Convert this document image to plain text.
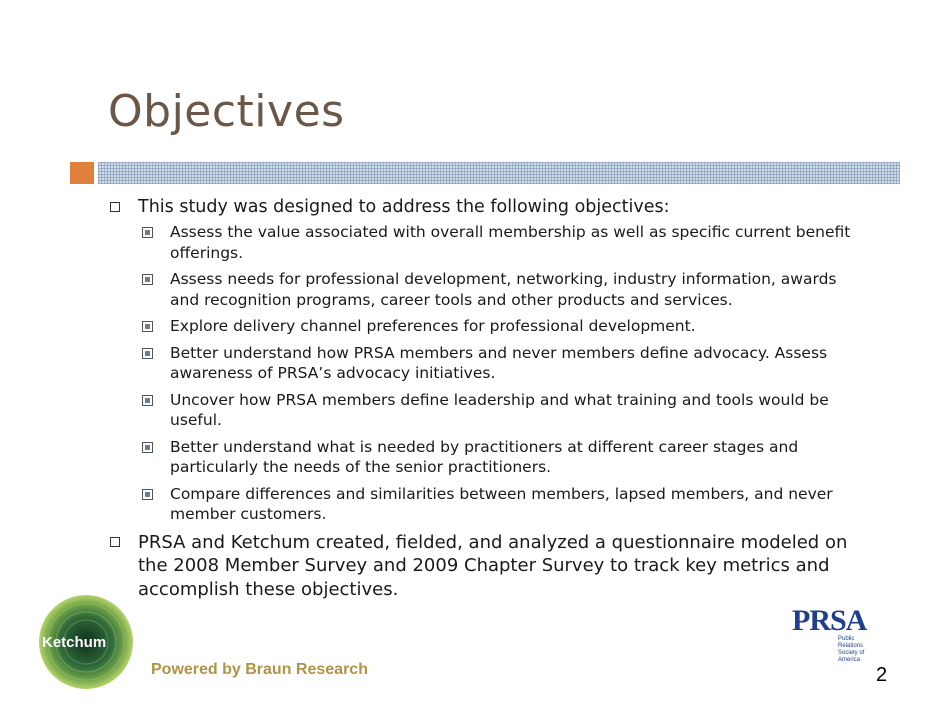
Objectives
This study was designed to address the following objectives:
Assess the value associated with overall membership as well as specific current benefit offerings.
Assess needs for professional development, networking, industry information, awards and recognition programs, career tools and other products and services.
Explore delivery channel preferences for professional development.
Better understand how PRSA members and never members define advocacy. Assess awareness of PRSA’s advocacy initiatives.
Uncover how PRSA members define leadership and what training and tools would be useful.
Better understand what is needed by practitioners at different career stages and particularly the needs of the senior practitioners.
Compare differences and similarities between members, lapsed members, and never member customers.
PRSA and Ketchum created, fielded, and analyzed a questionnaire modeled on the 2008 Member Survey and 2009 Chapter Survey to track key metrics and accomplish these objectives.
Ketchum
Powered by Braun Research
PRSA
Public
Relations
Society of
America
2
